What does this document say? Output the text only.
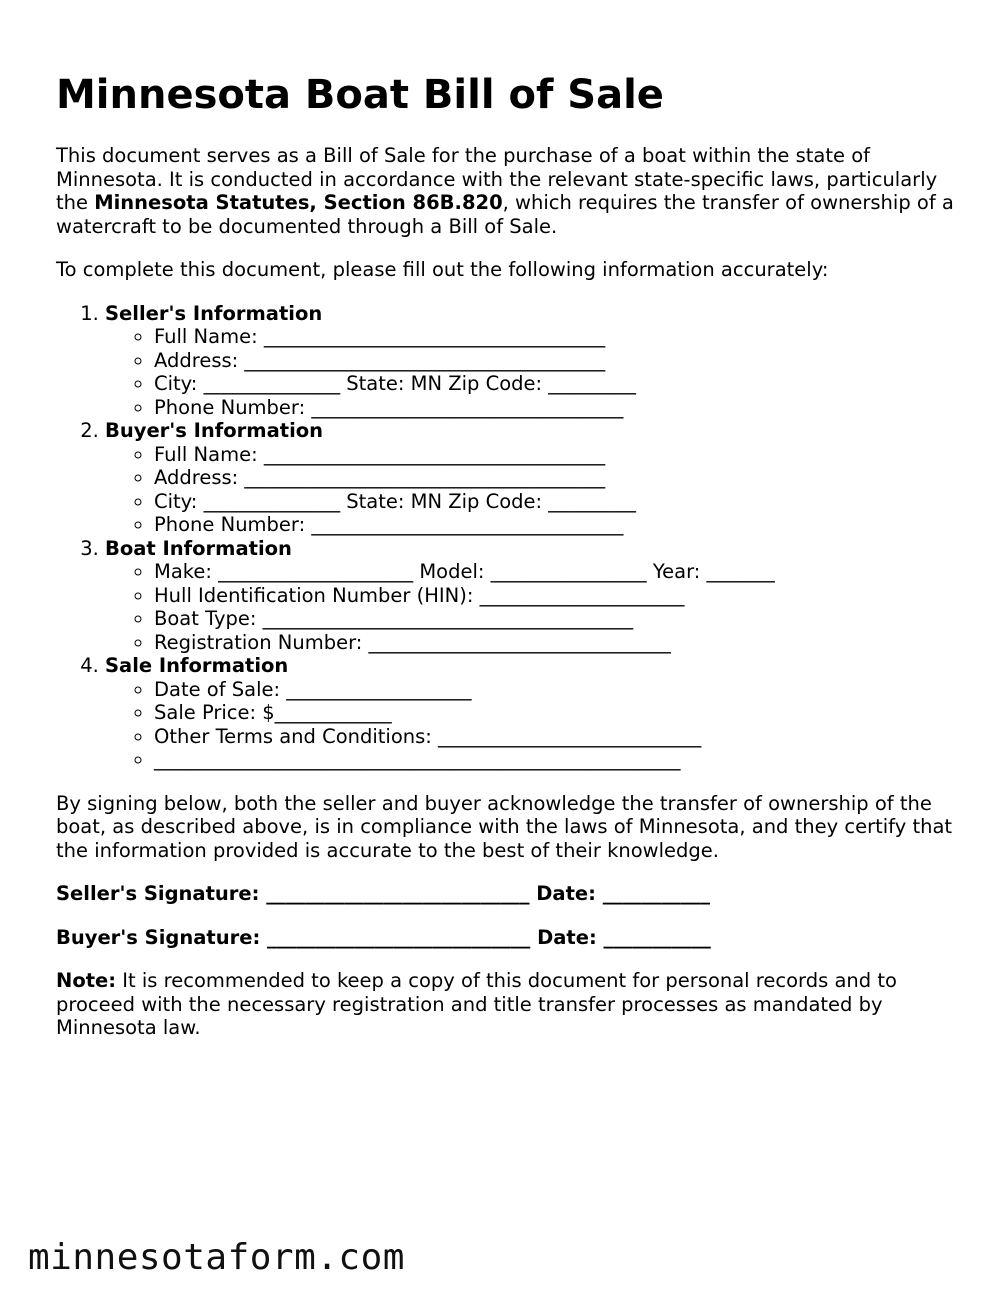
Minnesota Boat Bill of Sale

This document serves as a Bill of Sale for the purchase of a boat within the state of Minnesota. It is conducted in accordance with the relevant state-specific laws, particularly the Minnesota Statutes, Section 86B.820, which requires the transfer of ownership of a watercraft to be documented through a Bill of Sale.

To complete this document, please fill out the following information accurately:

1. Seller's Information
◦ Full Name: ___________________________________
◦ Address: _____________________________________
◦ City: ______________ State: MN Zip Code: _________
◦ Phone Number: ________________________________
2. Buyer's Information
◦ Full Name: ___________________________________
◦ Address: _____________________________________
◦ City: ______________ State: MN Zip Code: _________
◦ Phone Number: ________________________________
3. Boat Information
◦ Make: ____________________ Model: ________________ Year: _______
◦ Hull Identification Number (HIN): _____________________
◦ Boat Type: ______________________________________
◦ Registration Number: _______________________________
4. Sale Information
◦ Date of Sale: ___________________
◦ Sale Price: $____________
◦ Other Terms and Conditions: ___________________________
◦ ______________________________________________________

By signing below, both the seller and buyer acknowledge the transfer of ownership of the boat, as described above, is in compliance with the laws of Minnesota, and they certify that the information provided is accurate to the best of their knowledge.

Seller's Signature: ___________________________ Date: ___________
Buyer's Signature: ___________________________ Date: ___________

Note: It is recommended to keep a copy of this document for personal records and to proceed with the necessary registration and title transfer processes as mandated by Minnesota law.

minnesotaform.com
